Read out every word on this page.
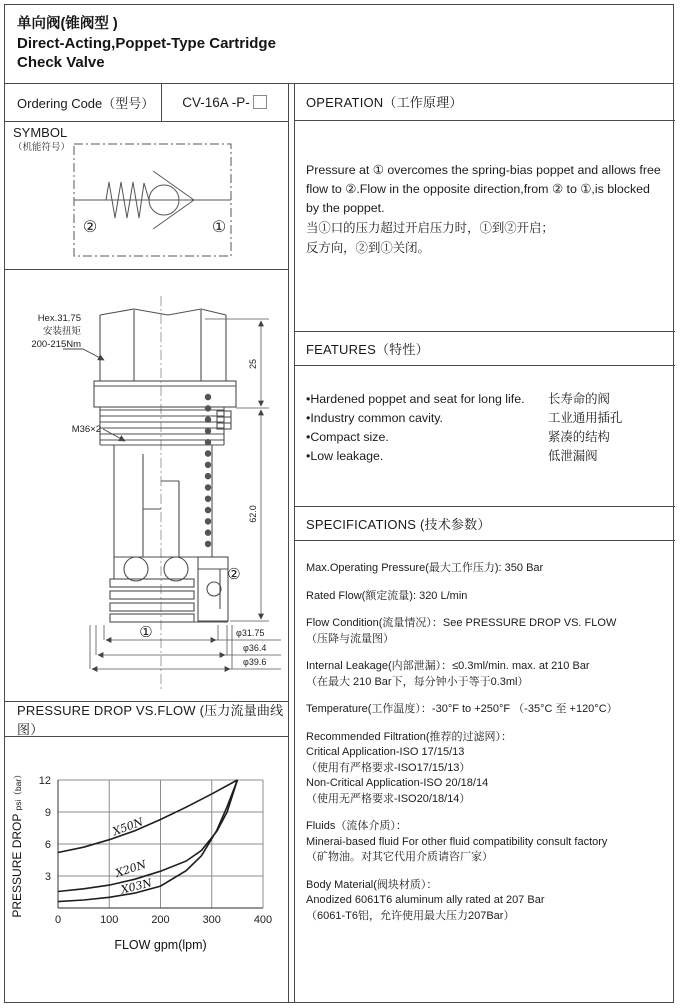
单向阀(锥阀型 )
Direct-Acting,Poppet-Type Cartridge
Check Valve
Ordering Code（型号）	CV-16A -P-
SYMBOL
（机能符号）
②	①
Hex.31.75
安装扭矩
200-215Nm
M36×2
①
②
25
62.0
φ31.75
φ36.4
φ39.6
PRESSURE DROP VS.FLOW (压力流量曲线图）
0	100	200	300	400
3
6
9
12
X50N
X20N
X03N
FLOW gpm(lpm)
PRESSURE DROP psi（bar）
OPERATION（工作原理）
Pressure at ① overcomes the spring-bias poppet and allows free flow to ②.Flow in the opposite direction,from ② to ①,is blocked by the poppet.
当①口的压力超过开启压力时，①到②开启；
反方向，②到①关闭。
FEATURES（特性）
•Hardened poppet and seat for long life.	长寿命的阀
•Industry common cavity.	工业通用插孔
•Compact size.	紧凑的结构
•Low leakage.	低泄漏阀
SPECIFICATIONS (技术参数）
Max.Operating Pressure(最大工作压力): 350 Bar
Rated Flow(额定流量): 320 L/min
Flow Condition(流量情况）：See PRESSURE DROP VS. FLOW
（压降与流量图）
Internal Leakage(内部泄漏）：≤0.3ml/min. max. at 210 Bar
（在最大 210 Bar下，每分钟小于等于0.3ml）
Temperature(工作温度）：-30°F to +250°F （-35°C 至 +120°C）
Recommended Filtration(推荐的过滤网）：
Critical Application-ISO 17/15/13
（使用有严格要求-ISO17/15/13）
Non-Critical Application-ISO 20/18/14
（使用无严格要求-ISO20/18/14）
Fluids（流体介质）：
Minerai-based fluid For other fluid compatibility consult factory
（矿物油。对其它代用介质请咨厂家）
Body Material(阀块材质）：
Anodized 6061T6 aluminum ally rated at 207 Bar
（6061-T6铝，允许使用最大压力207Bar）
